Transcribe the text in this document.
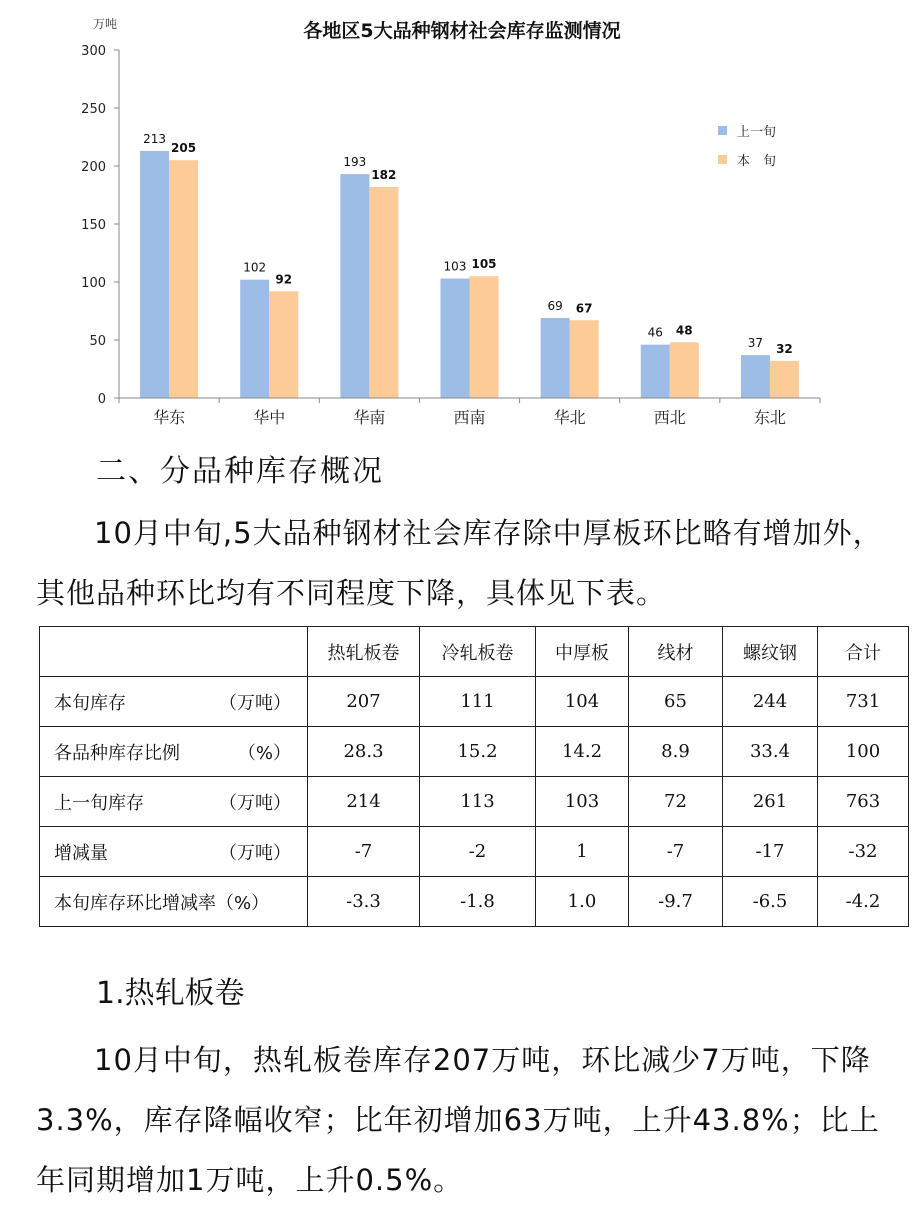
各地区5大品种钢材社会库存监测情况
万吨
0
50
100
150
200
250
300
213
205
102
92
193
182
103 105
69 67
46 48
37 32
华东	华中	华南	西南	华北	西北	东北
上一旬
本　旬
二、分品种库存概况

10月中旬,5大品种钢材社会库存除中厚板环比略有增加外，其他品种环比均有不同程度下降，具体见下表。

	热轧板卷	冷轧板卷	中厚板	线材	螺纹钢	合计
本旬库存 （万吨）	207	111	104	65	244	731
各品种库存比例 （%）	28.3	15.2	14.2	8.9	33.4	100
上一旬库存 （万吨）	214	113	103	72	261	763
增减量 （万吨）	-7	-2	1	-7	-17	-32
本旬库存环比增减率（%）	-3.3	-1.8	1.0	-9.7	-6.5	-4.2
1.热轧板卷

10月中旬，热轧板卷库存207万吨，环比减少7万吨，下降3.3%，库存降幅收窄；比年初增加63万吨，上升43.8%；比上年同期增加1万吨，上升0.5%。
